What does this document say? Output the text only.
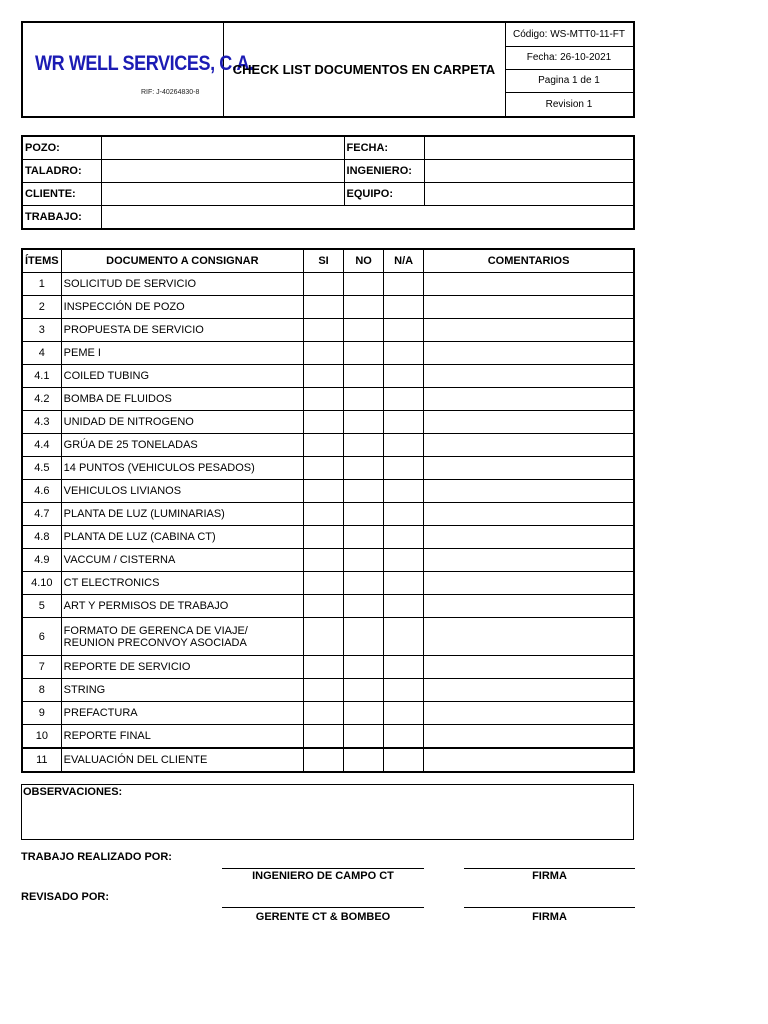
WR WELL SERVICES, C.A.
RIF: J-40264830-8
CHECK LIST DOCUMENTOS EN CARPETA
Código: WS-MTT0-11-FT
Fecha: 26-10-2021
Pagina 1 de 1
Revision 1
POZO:		FECHA:	
TALADRO:		INGENIERO:	
CLIENTE:		EQUIPO:	
TRABAJO:			
ÍTEMS	DOCUMENTO A CONSIGNAR	SI	NO	N/A	COMENTARIOS
1	SOLICITUD DE SERVICIO				
2	INSPECCIÓN DE POZO				
3	PROPUESTA DE SERVICIO				
4	PEME I				
4.1	COILED TUBING				
4.2	BOMBA DE FLUIDOS				
4.3	UNIDAD DE NITROGENO				
4.4	GRÚA DE 25 TONELADAS				
4.5	14 PUNTOS (VEHICULOS PESADOS)				
4.6	VEHICULOS LIVIANOS				
4.7	PLANTA DE LUZ (LUMINARIAS)				
4.8	PLANTA DE LUZ (CABINA CT)				
4.9	VACCUM / CISTERNA				
4.10	CT ELECTRONICS				
5	ART Y PERMISOS DE TRABAJO				
6	FORMATO DE GERENCA DE VIAJE/ REUNION PRECONVOY ASOCIADA				
7	REPORTE DE SERVICIO				
8	STRING				
9	PREFACTURA				
10	REPORTE FINAL				
11	EVALUACIÓN DEL CLIENTE				
OBSERVACIONES:
TRABAJO REALIZADO POR:
INGENIERO DE CAMPO CT	FIRMA
REVISADO POR:
GERENTE CT & BOMBEO	FIRMA
